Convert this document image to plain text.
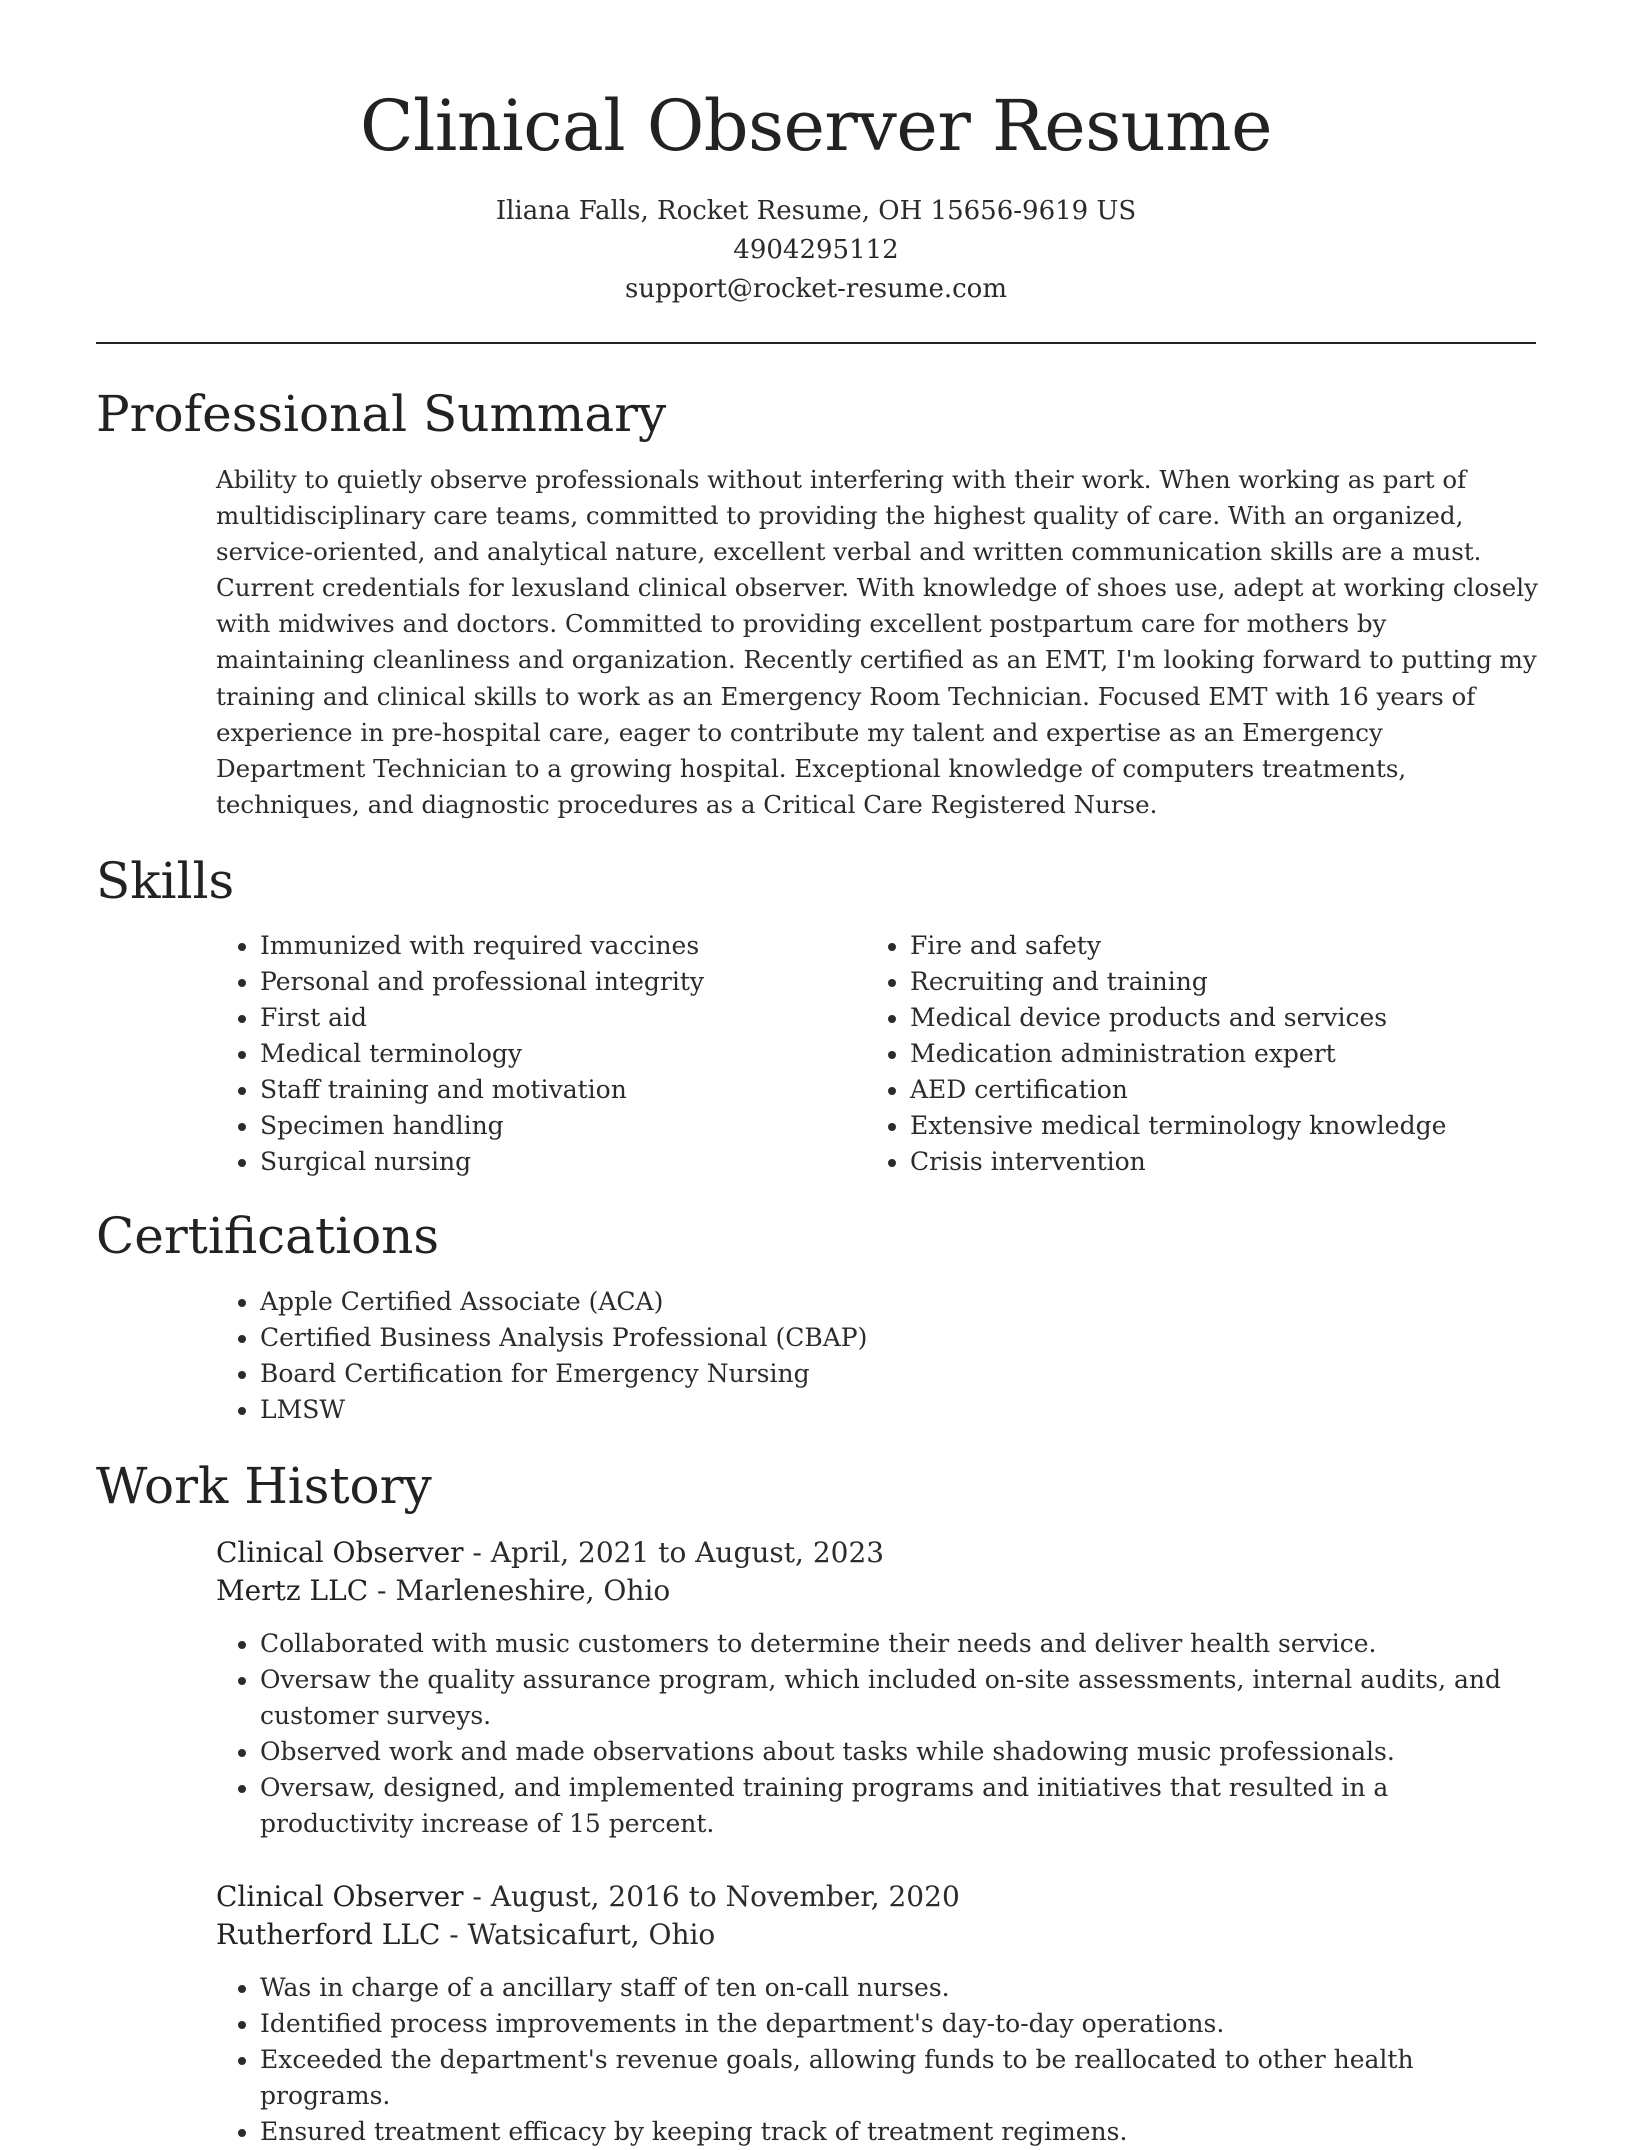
Clinical Observer Resume
Iliana Falls, Rocket Resume, OH 15656-9619 US
4904295112
support@rocket-resume.com
Professional Summary

Ability to quietly observe professionals without interfering with their work. When working as part of multidisciplinary care teams, committed to providing the highest quality of care. With an organized, service-oriented, and analytical nature, excellent verbal and written communication skills are a must. Current credentials for lexusland clinical observer. With knowledge of shoes use, adept at working closely with midwives and doctors. Committed to providing excellent postpartum care for mothers by maintaining cleanliness and organization. Recently certified as an EMT, I'm looking forward to putting my training and clinical skills to work as an Emergency Room Technician. Focused EMT with 16 years of experience in pre-hospital care, eager to contribute my talent and expertise as an Emergency Department Technician to a growing hospital. Exceptional knowledge of computers treatments, techniques, and diagnostic procedures as a Critical Care Registered Nurse.

Skills
• Immunized with required vaccines
• Personal and professional integrity
• First aid
• Medical terminology
• Staff training and motivation
• Specimen handling
• Surgical nursing
• Fire and safety
• Recruiting and training
• Medical device products and services
• Medication administration expert
• AED certification
• Extensive medical terminology knowledge
• Crisis intervention
Certifications
• Apple Certified Associate (ACA)
• Certified Business Analysis Professional (CBAP)
• Board Certification for Emergency Nursing
• LMSW
Work History
Clinical Observer - April, 2021 to August, 2023
Mertz LLC - Marleneshire, Ohio
• Collaborated with music customers to determine their needs and deliver health service.
• Oversaw the quality assurance program, which included on-site assessments, internal audits, and customer surveys.
• Observed work and made observations about tasks while shadowing music professionals.
• Oversaw, designed, and implemented training programs and initiatives that resulted in a productivity increase of 15 percent.
Clinical Observer - August, 2016 to November, 2020
Rutherford LLC - Watsicafurt, Ohio
• Was in charge of a ancillary staff of ten on-call nurses.
• Identified process improvements in the department's day-to-day operations.
• Exceeded the department's revenue goals, allowing funds to be reallocated to other health programs.
• Ensured treatment efficacy by keeping track of treatment regimens.
